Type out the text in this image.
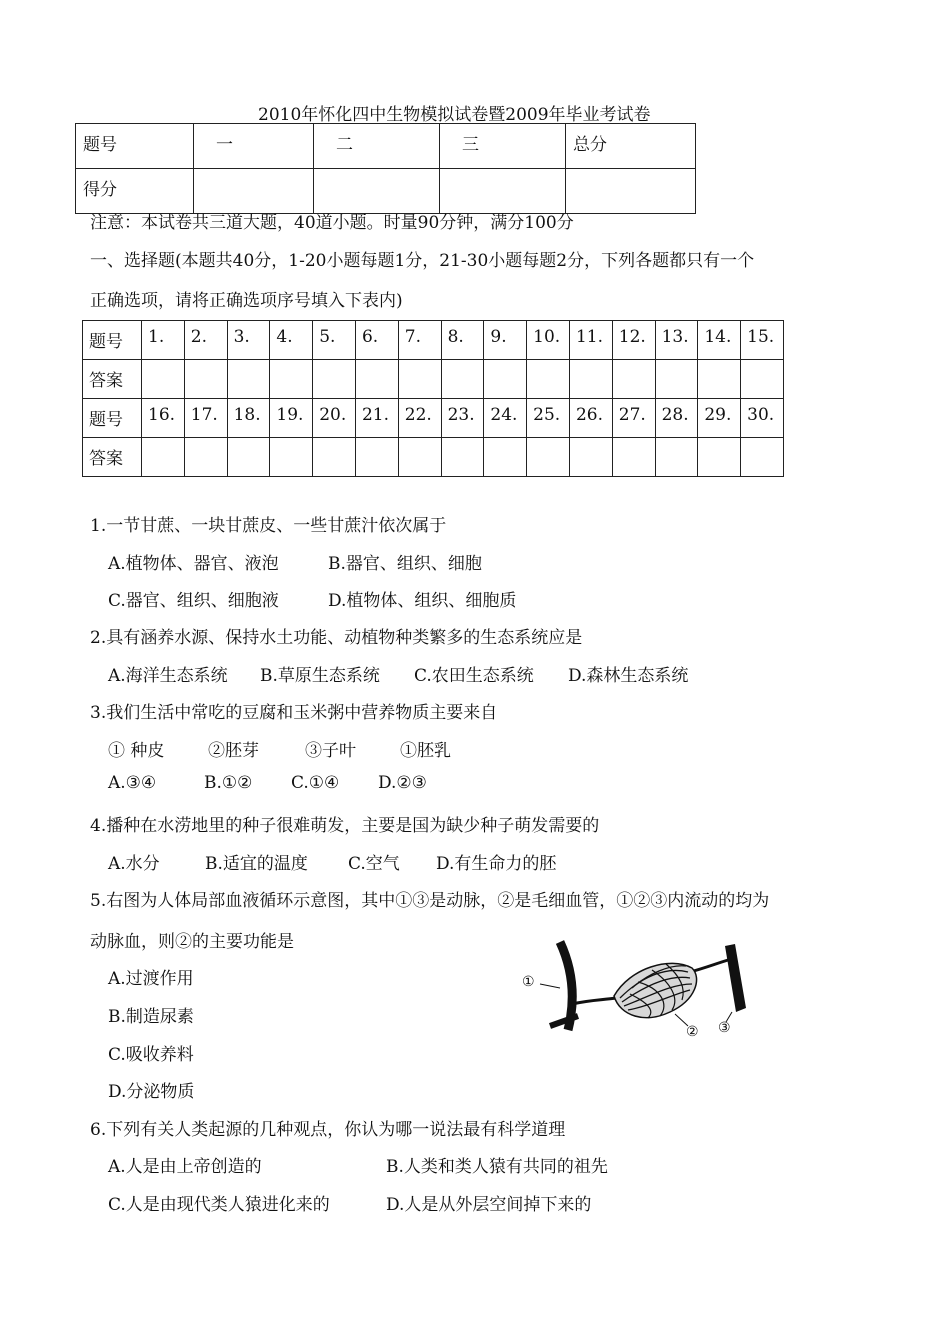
2010年怀化四中生物模拟试卷暨2009年毕业考试卷
题号	一	二	三	总分
得分				
注意：本试卷共三道大题，40道小题。时量90分钟，满分100分
一、选择题(本题共40分，1-20小题每题1分，21-30小题每题2分，下列各题都只有一个
正确选项，请将正确选项序号填入下表内)
题号	1.	2.	3.	4.	5.	6.	7.	8.	9.	10.	11.	12.	13.	14.	15.
答案															
题号	16.	17.	18.	19.	20.	21.	22.	23.	24.	25.	26.	27.	28.	29.	30.
答案															
1.一节甘蔗、一块甘蔗皮、一些甘蔗汁依次属于
A.植物体、器官、液泡	B.器官、组织、细胞
C.器官、组织、细胞液	D.植物体、组织、细胞质
2.具有涵养水源、保持水土功能、动植物种类繁多的生态系统应是
A.海洋生态系统 B.草原生态系统 C.农田生态系统 D.森林生态系统
3.我们生活中常吃的豆腐和玉米粥中营养物质主要来自
① 种皮	②胚芽	③子叶	①胚乳
A.③④	B.①② C.①④ D.②③
4.播种在水涝地里的种子很难萌发，主要是国为缺少种子萌发需要的
A.水分	B.适宜的温度 C.空气 D.有生命力的胚
5.右图为人体局部血液循环示意图，其中①③是动脉，②是毛细血管，①②③内流动的均为
动脉血，则②的主要功能是
A.过渡作用
B.制造尿素
C.吸收养料
D.分泌物质
①
② ③
6.下列有关人类起源的几种观点，你认为哪一说法最有科学道理
A.人是由上帝创造的	B.人类和类人猿有共同的祖先
C.人是由现代类人猿进化来的	D.人是从外层空间掉下来的
